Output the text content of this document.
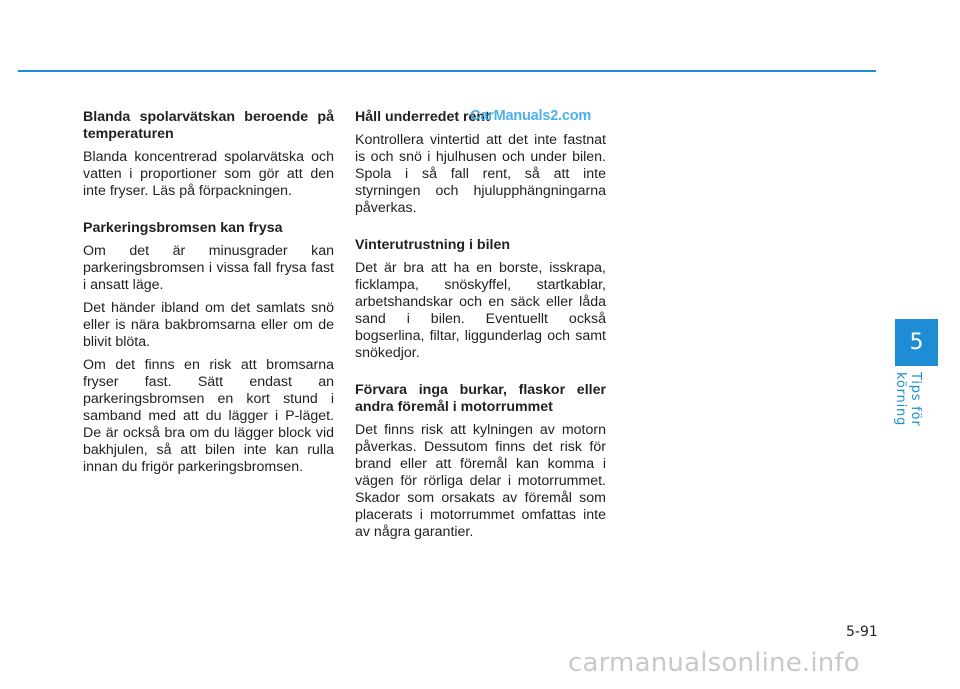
Blanda spolarvätskan beroende på temperaturen
Blanda koncentrerad spolarvätska och vatten i proportioner som gör att den inte fryser. Läs på förpackningen.
Parkeringsbromsen kan frysa
Om det är minusgrader kan parkeringsbromsen i vissa fall frysa fast i ansatt läge.
Det händer ibland om det samlats snö eller is nära bakbromsarna eller om de blivit blöta.
Om det finns en risk att bromsarna fryser fast. Sätt endast an parkeringsbromsen en kort stund i samband med att du lägger i P-läget. De är också bra om du lägger block vid bakhjulen, så att bilen inte kan rulla innan du frigör parkeringsbromsen.
Håll underredet rent
Kontrollera vintertid att det inte fastnat is och snö i hjulhusen och under bilen. Spola i så fall rent, så att inte styrningen och hjulupphängningarna påverkas.
Vinterutrustning i bilen
Det är bra att ha en borste, isskrapa, ficklampa, snöskyffel, startkablar, arbetshandskar och en säck eller låda sand i bilen. Eventuellt också bogserlina, filtar, liggunderlag och samt snökedjor.
Förvara inga burkar, flaskor eller andra föremål i motorrummet
Det finns risk att kylningen av motorn påverkas. Dessutom finns det risk för brand eller att föremål kan komma i vägen för rörliga delar i motorrummet. Skador som orsakats av föremål som placerats i motorrummet omfattas inte av några garantier.
CarManuals2.com
5
Tips för körning
5-91
carmanualsonline.info
